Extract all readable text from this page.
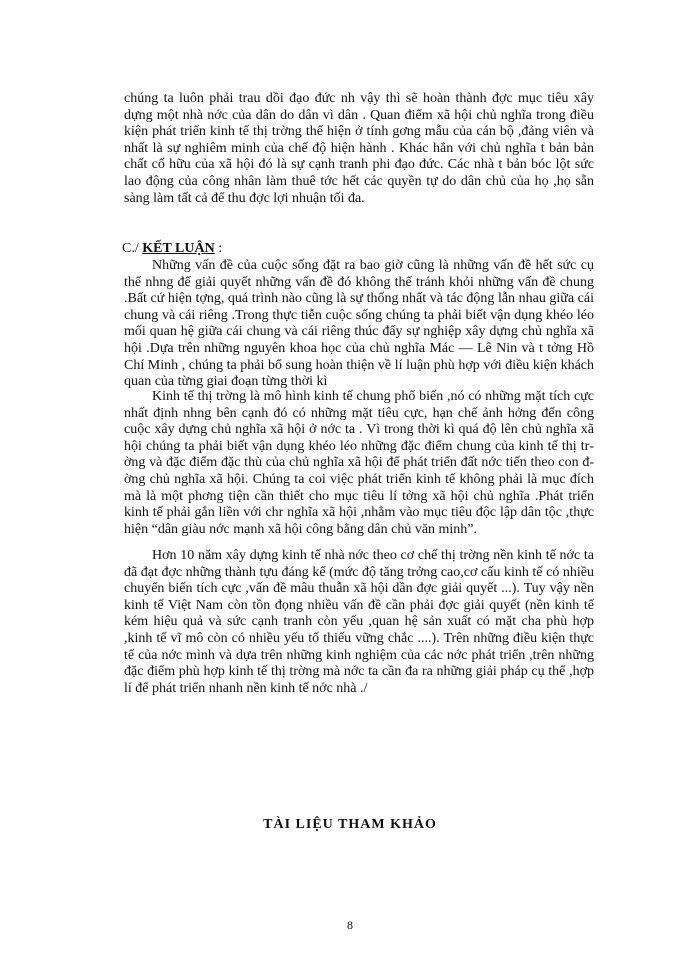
chúng ta luôn phải trau dồi đạo đức nh vậy thì sẽ hoàn thành đợc mục tiêu xây dựng một nhà nớc của dân do dân vì dân . Quan điểm xã hội chủ nghĩa trong điều kiện phát triển kinh tế thị trờng thể hiện ở tính gơng mẫu của cán bộ ,đảng viên và nhất là sự nghiêm minh của chế độ hiện hành . Khác hẳn với chủ nghĩa t bản bản chất cố hữu của xã hội đó là sự cạnh tranh phi đạo đức. Các nhà t bản bóc lột sức lao động của công nhân làm thuê tớc hết các quyền tự do dân chủ của họ ,họ sẵn sàng làm tất cả để thu đợc lợi nhuận tối đa.

C./ KẾT LUẬN :

Những vấn đề của cuộc sống đặt ra bao giờ cũng là những vấn đề hết sức cụ thể nhng để giải quyết những vấn đề đó không thể tránh khỏi những vấn đề chung .Bất cứ hiện tợng, quá trình nào cũng là sự thống nhất và tác động lẫn nhau giữa cái chung và cái riêng .Trong thực tiễn cuộc sống chúng ta phải biết vận dụng khéo léo mối quan hệ giữa cái chung và cái riêng thúc đẩy sự nghiệp xây dựng chủ nghĩa xã hội .Dựa trên những nguyên khoa học của chủ nghĩa Mác — Lê Nin và t tởng Hồ Chí Minh , chúng ta phải bổ sung hoàn thiện về lí luận phù hợp với điều kiện khách quan của từng giai đoạn từng thời kì

Kinh tế thị trờng là mô hình kinh tế chung phổ biến ,nó có những mặt tích cực nhất định nhng bên cạnh đó có những mặt tiêu cực, hạn chế ảnh hởng đến công cuộc xây dựng chủ nghĩa xã hội ở nớc ta . Vì trong thời kì quá độ lên chủ nghĩa xã hội chúng ta phải biết vận dụng khéo léo những đặc điểm chung của kinh tế thị trờng và đặc điểm đặc thù của chủ nghĩa xã hội để phát triển đất nớc tiến theo con đờng chủ nghĩa xã hội. Chúng ta coi việc phát triển kinh tế không phải là mục đích mà là một phơng tiện cần thiết cho mục tiêu lí tởng xã hội chủ nghĩa .Phát triển kinh tế phải gắn liền với chr nghĩa xã hội ,nhằm vào mục tiêu độc lập dân tộc ,thực hiện “dân giàu nớc mạnh xã hội công bằng dân chủ văn minh”.

Hơn 10 năm xây dựng kinh tế nhà nớc theo cơ chế thị trờng nền kinh tế nớc ta đã đạt đợc những thành tựu đáng kể (mức độ tăng trởng cao,cơ cấu kinh tế có nhiều chuyển biến tích cực ,vấn đề mâu thuẫn xã hội dần đợc giải quyết ...). Tuy vậy nền kinh tế Việt Nam còn tồn đọng nhiều vấn đề cần phải đợc giải quyết (nền kinh tế kém hiệu quả và sức cạnh tranh còn yếu ,quan hệ sản xuất có mặt cha phù hợp ,kinh tế vĩ mô còn có nhiều yếu tố thiếu vững chắc ....). Trên những điều kiện thực tế của nớc mình và dựa trên những kinh nghiệm của các nớc phát triển ,trên những đặc điểm phù hợp kinh tế thị trờng mà nớc ta cần đa ra những giải pháp cụ thể ,hợp lí để phát triển nhanh nền kinh tế nớc nhà ./

TÀI LIỆU THAM KHẢO

8
